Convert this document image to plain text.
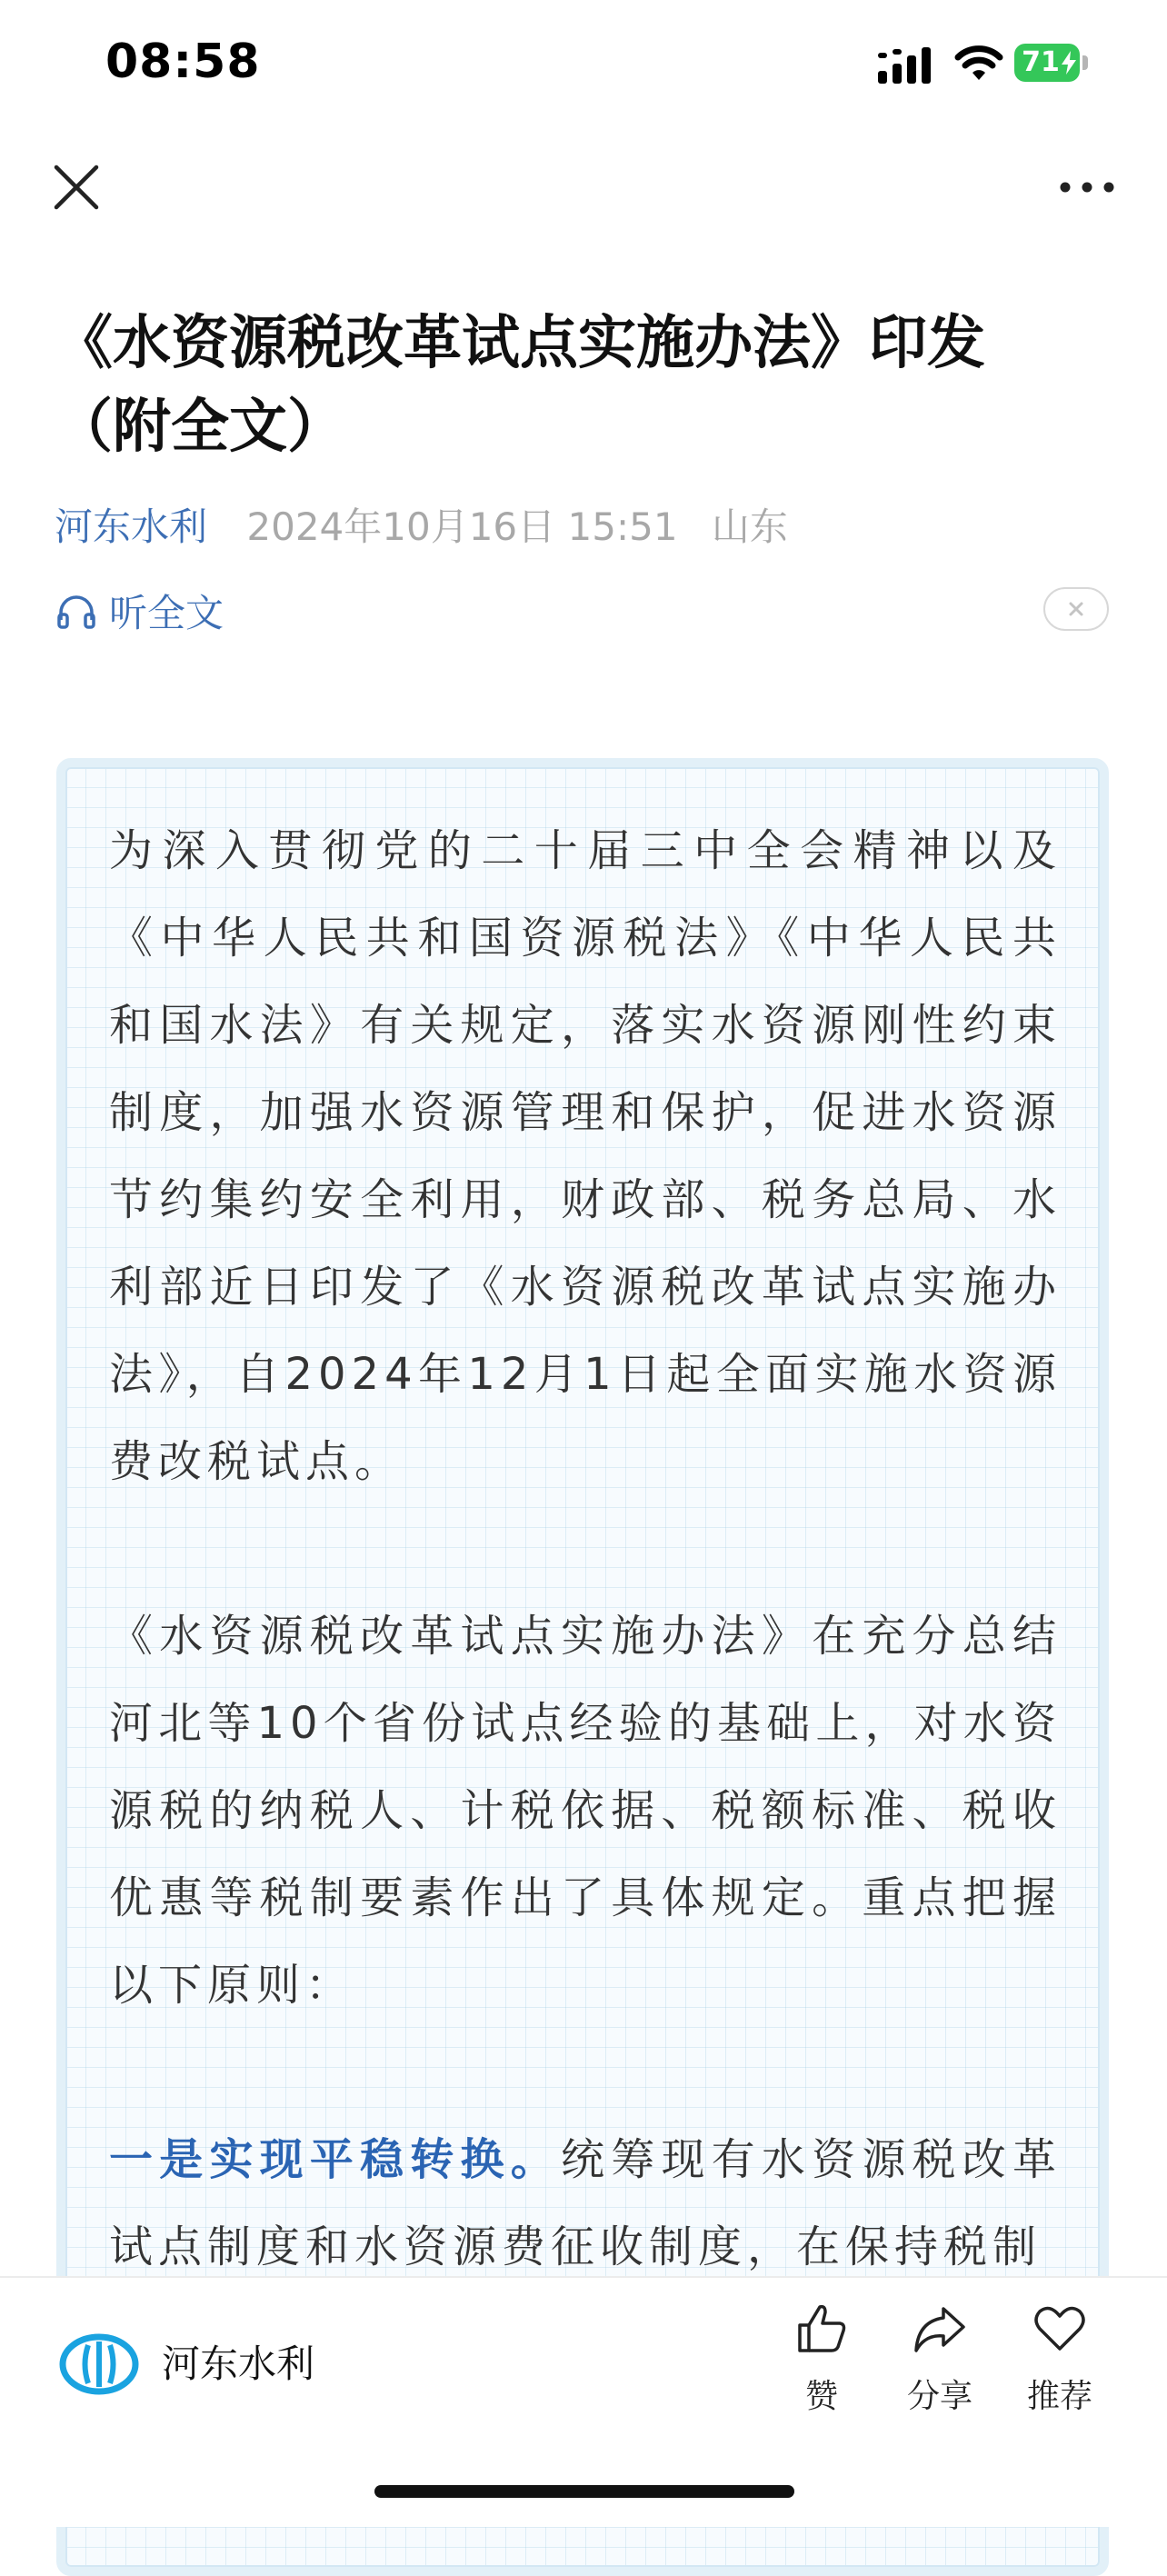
08:58	71
《水资源税改革试点实施办法》印发（附全文）
河东水利 2024年10月16日 15:51 山东
听全文

为深入贯彻党的二十届三中全会精神以及《中华人民共和国资源税法》《中华人民共和国水法》有关规定，落实水资源刚性约束制度，加强水资源管理和保护，促进水资源节约集约安全利用，财政部、税务总局、水利部近日印发了《水资源税改革试点实施办法》，自2024年12月1日起全面实施水资源费改税试点。

《水资源税改革试点实施办法》在充分总结河北等10个省份试点经验的基础上，对水资源税的纳税人、计税依据、税额标准、税收优惠等税制要素作出了具体规定。重点把握以下原则：

一是实现平稳转换。统筹现有水资源税改革试点制度和水资源费征收制度，在保持税制

河东水利
赞	分享	推荐
